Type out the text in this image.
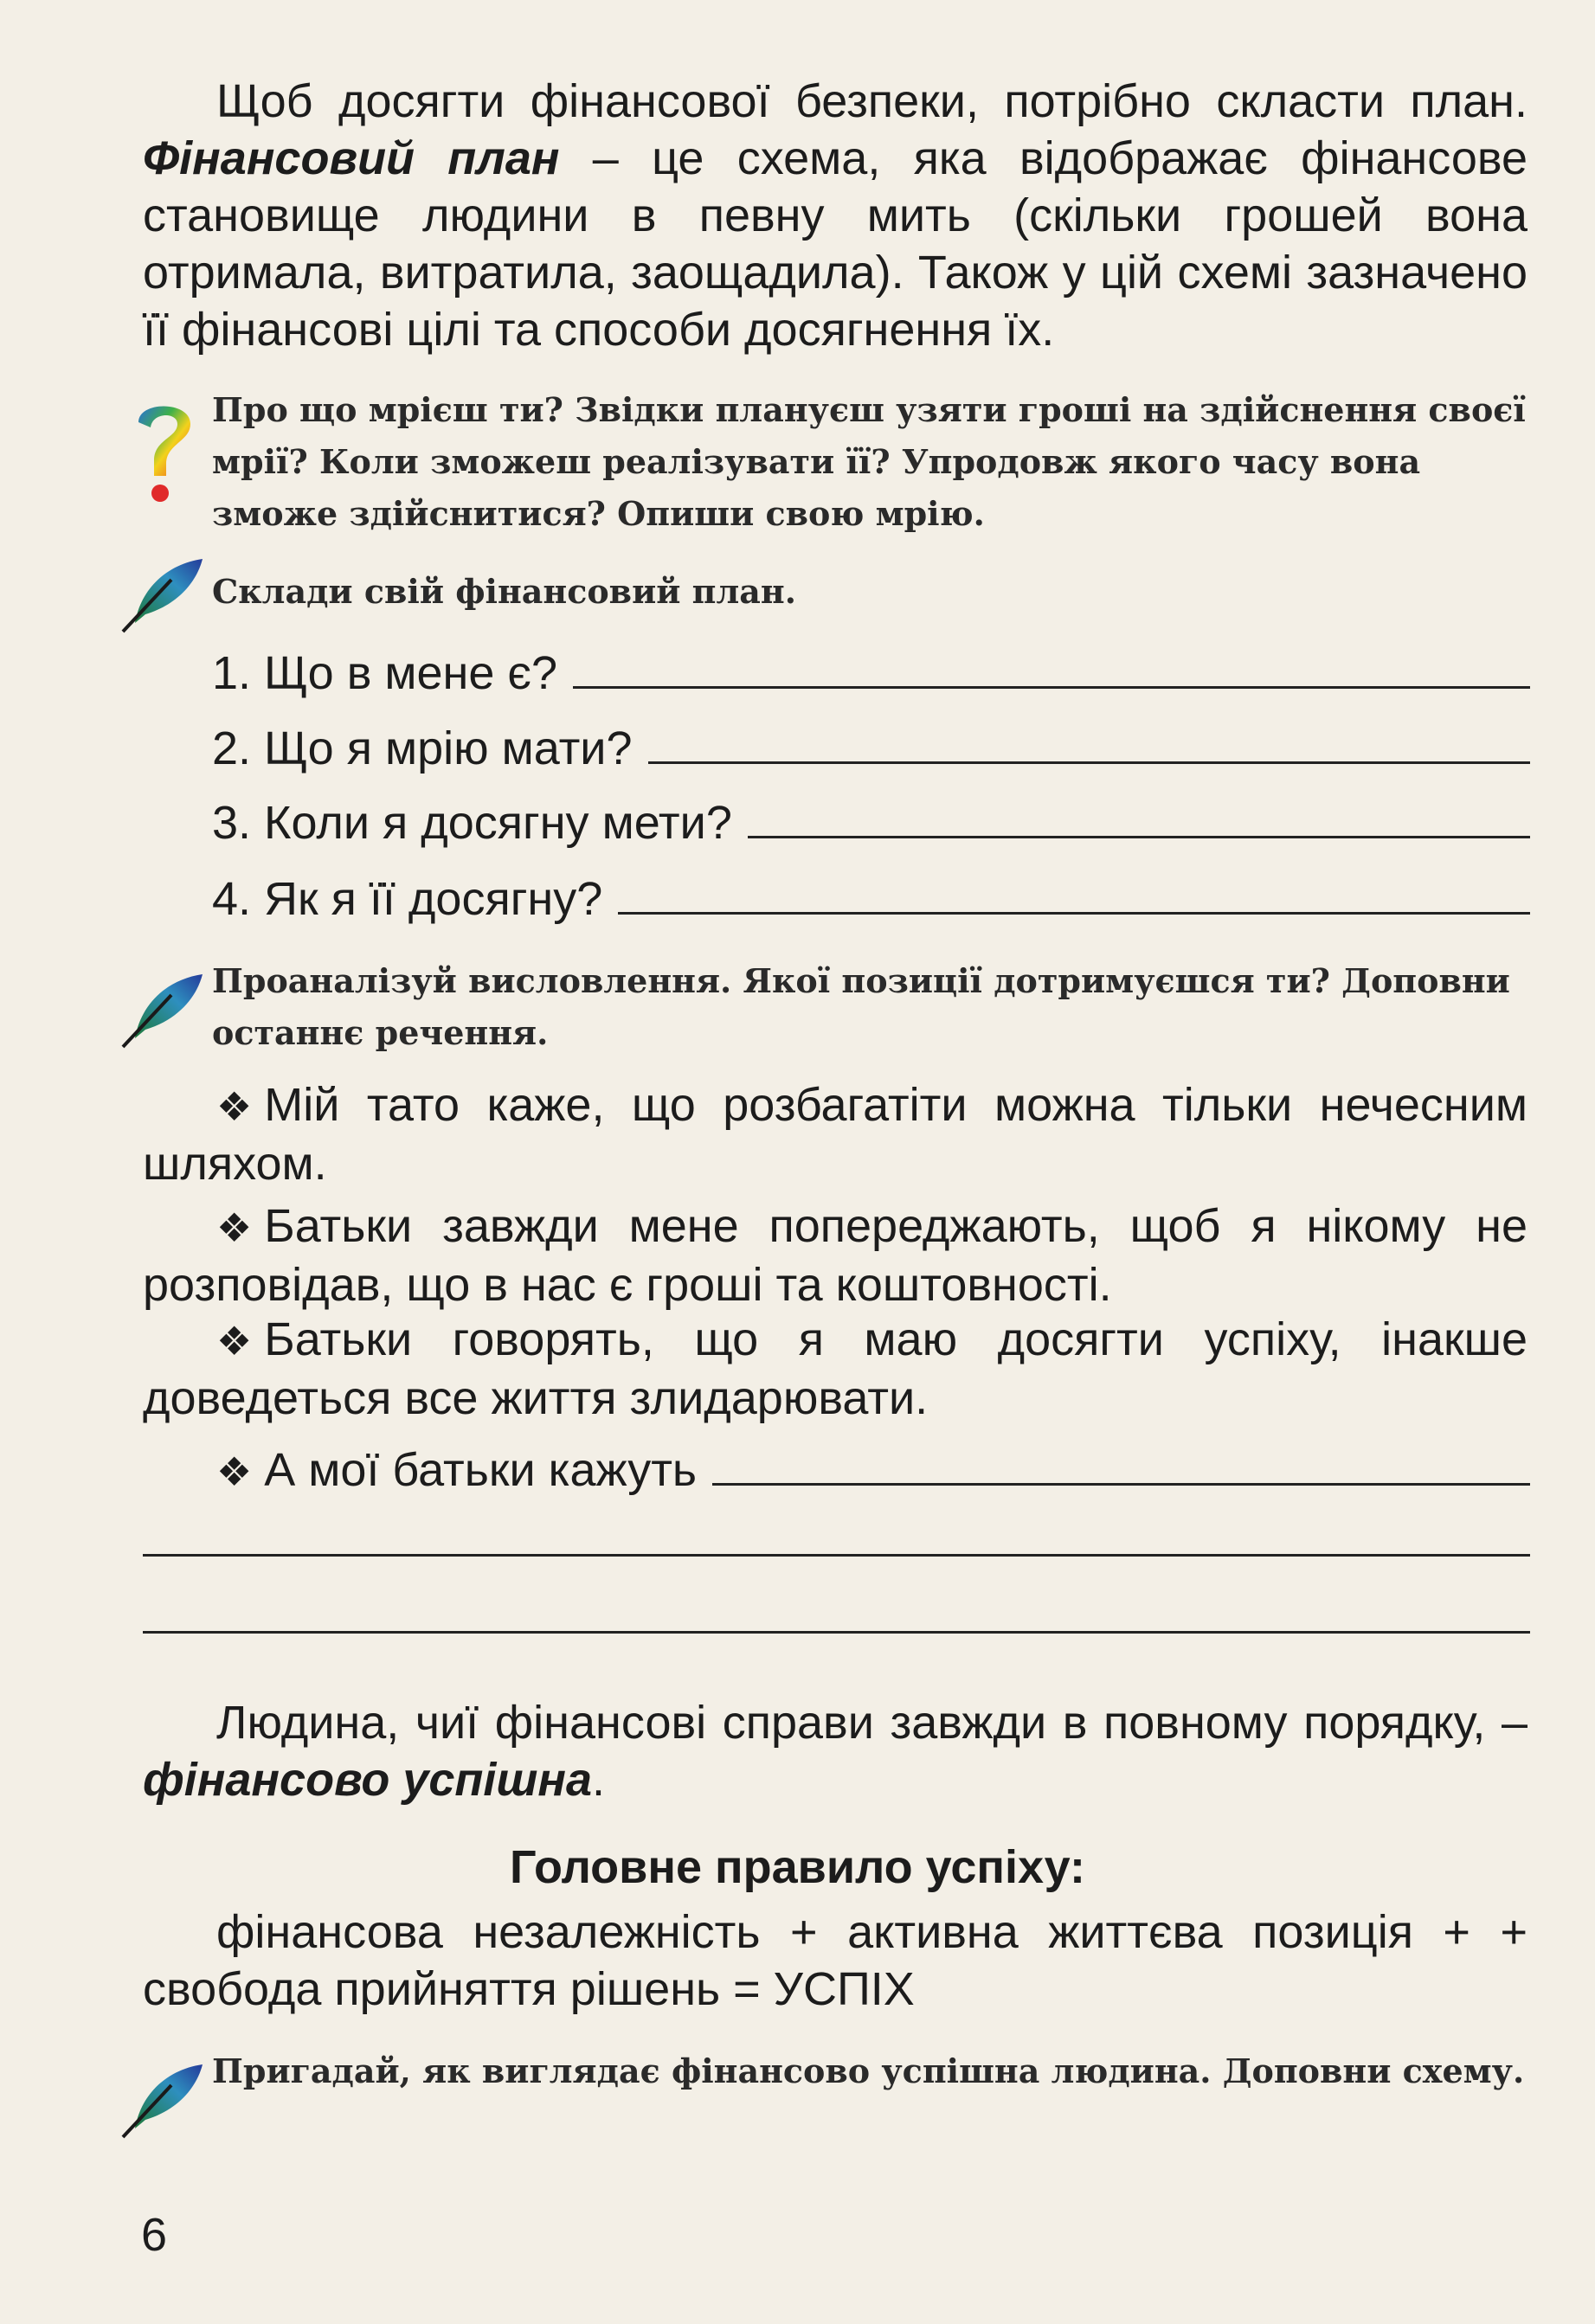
Щоб досягти фінансової безпеки, потрібно скласти план. Фінансовий план – це схема, яка відображає фінансове становище людини в певну мить (скільки грошей вона отримала, витратила, заощадила). Також у цій схемі зазначено її фінансові цілі та способи досягнення їх.
Про що мрієш ти? Звідки плануєш узяти гроші на здійснення своєї мрії? Коли зможеш реалізувати її? Упродовж якого часу вона зможе здійснитися? Опиши свою мрію.
Склади свій фінансовий план.
1. Що в мене є?
2. Що я мрію мати?
3. Коли я досягну мети?
4. Як я її досягну?
Проаналізуй висловлення. Якої позиції дотримуєшся ти? Доповни останнє речення.
❖ Мій тато каже, що розбагатіти можна тільки нечесним шляхом.
❖ Батьки завжди мене попереджають, щоб я нікому не розповідав, що в нас є гроші та коштовності.
❖ Батьки говорять, що я маю досягти успіху, інакше доведеться все життя злидарювати.
❖ А мої батьки кажуть
Людина, чиї фінансові справи завжди в повному порядку, – фінансово успішна.
Головне правило успіху:
фінансова незалежність + активна життєва позиція + + свобода прийняття рішень = УСПІХ
Пригадай, як виглядає фінансово успішна людина. Доповни схему.
6
